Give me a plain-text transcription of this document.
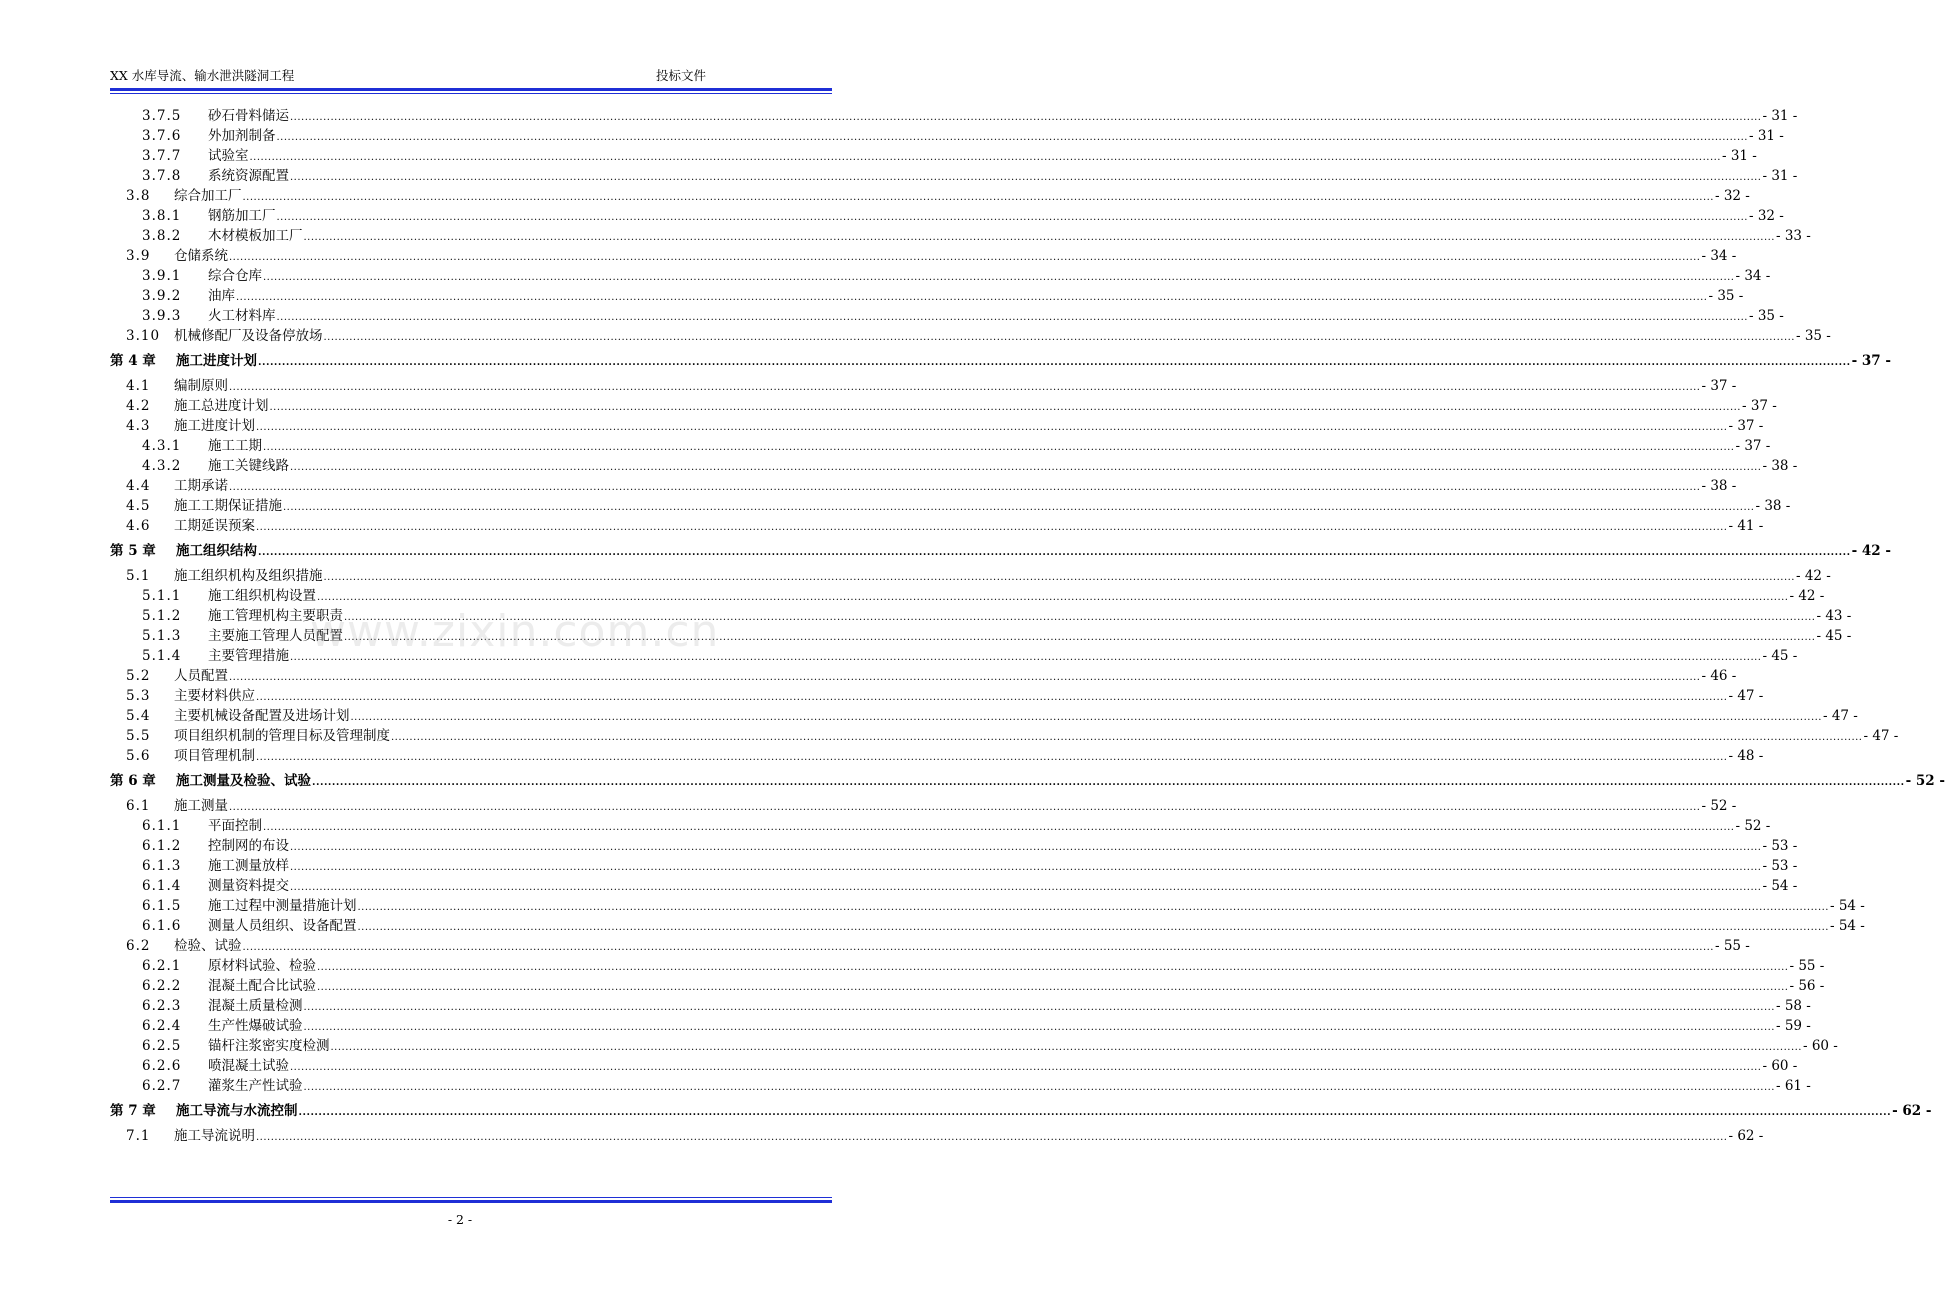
XX 水库导流、输水泄洪隧洞工程	投标文件
3.7.5	砂石骨料储运 ................................................................................................................................................................................................................................................................................................................................................................................................................ - 31 -
3.7.6	外加剂制备 ................................................................................................................................................................................................................................................................................................................................................................................................................ - 31 -
3.7.7	试验室 ................................................................................................................................................................................................................................................................................................................................................................................................................ - 31 -
3.7.8	系统资源配置 ................................................................................................................................................................................................................................................................................................................................................................................................................ - 31 -
3.8	综合加工厂 ................................................................................................................................................................................................................................................................................................................................................................................................................ - 32 -
3.8.1	钢筋加工厂 ................................................................................................................................................................................................................................................................................................................................................................................................................ - 32 -
3.8.2	木材模板加工厂 ................................................................................................................................................................................................................................................................................................................................................................................................................ - 33 -
3.9	仓储系统 ................................................................................................................................................................................................................................................................................................................................................................................................................ - 34 -
3.9.1	综合仓库 ................................................................................................................................................................................................................................................................................................................................................................................................................ - 34 -
3.9.2	油库 ................................................................................................................................................................................................................................................................................................................................................................................................................ - 35 -
3.9.3	火工材料库 ................................................................................................................................................................................................................................................................................................................................................................................................................ - 35 -
3.10	机械修配厂及设备停放场 ................................................................................................................................................................................................................................................................................................................................................................................................................ - 35 -
第 4 章	施工进度计划 ................................................................................................................................................................................................................................................................................................................................................................................................................ - 37 -
4.1	编制原则 ................................................................................................................................................................................................................................................................................................................................................................................................................ - 37 -
4.2	施工总进度计划 ................................................................................................................................................................................................................................................................................................................................................................................................................ - 37 -
4.3	施工进度计划 ................................................................................................................................................................................................................................................................................................................................................................................................................ - 37 -
4.3.1	施工工期 ................................................................................................................................................................................................................................................................................................................................................................................................................ - 37 -
4.3.2	施工关键线路 ................................................................................................................................................................................................................................................................................................................................................................................................................ - 38 -
4.4	工期承诺 ................................................................................................................................................................................................................................................................................................................................................................................................................ - 38 -
4.5	施工工期保证措施 ................................................................................................................................................................................................................................................................................................................................................................................................................ - 38 -
4.6	工期延误预案 ................................................................................................................................................................................................................................................................................................................................................................................................................ - 41 -
第 5 章	施工组织结构 ................................................................................................................................................................................................................................................................................................................................................................................................................ - 42 -
5.1	施工组织机构及组织措施 ................................................................................................................................................................................................................................................................................................................................................................................................................ - 42 -
5.1.1	施工组织机构设置 ................................................................................................................................................................................................................................................................................................................................................................................................................ - 42 -
5.1.2	施工管理机构主要职责 ................................................................................................................................................................................................................................................................................................................................................................................................................ - 43 -
5.1.3	主要施工管理人员配置 ................................................................................................................................................................................................................................................................................................................................................................................................................ - 45 -
5.1.4	主要管理措施 ................................................................................................................................................................................................................................................................................................................................................................................................................ - 45 -
5.2	人员配置 ................................................................................................................................................................................................................................................................................................................................................................................................................ - 46 -
5.3	主要材料供应 ................................................................................................................................................................................................................................................................................................................................................................................................................ - 47 -
5.4	主要机械设备配置及进场计划 ................................................................................................................................................................................................................................................................................................................................................................................................................ - 47 -
5.5	项目组织机制的管理目标及管理制度 ................................................................................................................................................................................................................................................................................................................................................................................................................ - 47 -
5.6	项目管理机制 ................................................................................................................................................................................................................................................................................................................................................................................................................ - 48 -
第 6 章	施工测量及检验、试验 ................................................................................................................................................................................................................................................................................................................................................................................................................ - 52 -
6.1	施工测量 ................................................................................................................................................................................................................................................................................................................................................................................................................ - 52 -
6.1.1	平面控制 ................................................................................................................................................................................................................................................................................................................................................................................................................ - 52 -
6.1.2	控制网的布设 ................................................................................................................................................................................................................................................................................................................................................................................................................ - 53 -
6.1.3	施工测量放样 ................................................................................................................................................................................................................................................................................................................................................................................................................ - 53 -
6.1.4	测量资料提交 ................................................................................................................................................................................................................................................................................................................................................................................................................ - 54 -
6.1.5	施工过程中测量措施计划 ................................................................................................................................................................................................................................................................................................................................................................................................................ - 54 -
6.1.6	测量人员组织、设备配置 ................................................................................................................................................................................................................................................................................................................................................................................................................ - 54 -
6.2	检验、试验 ................................................................................................................................................................................................................................................................................................................................................................................................................ - 55 -
6.2.1	原材料试验、检验 ................................................................................................................................................................................................................................................................................................................................................................................................................ - 55 -
6.2.2	混凝土配合比试验 ................................................................................................................................................................................................................................................................................................................................................................................................................ - 56 -
6.2.3	混凝土质量检测 ................................................................................................................................................................................................................................................................................................................................................................................................................ - 58 -
6.2.4	生产性爆破试验 ................................................................................................................................................................................................................................................................................................................................................................................................................ - 59 -
6.2.5	锚杆注浆密实度检测 ................................................................................................................................................................................................................................................................................................................................................................................................................ - 60 -
6.2.6	喷混凝土试验 ................................................................................................................................................................................................................................................................................................................................................................................................................ - 60 -
6.2.7	灌浆生产性试验 ................................................................................................................................................................................................................................................................................................................................................................................................................ - 61 -
第 7 章	施工导流与水流控制 ................................................................................................................................................................................................................................................................................................................................................................................................................ - 62 -
7.1	施工导流说明 ................................................................................................................................................................................................................................................................................................................................................................................................................ - 62 -
www.zixin.com.cn
- 2 -
